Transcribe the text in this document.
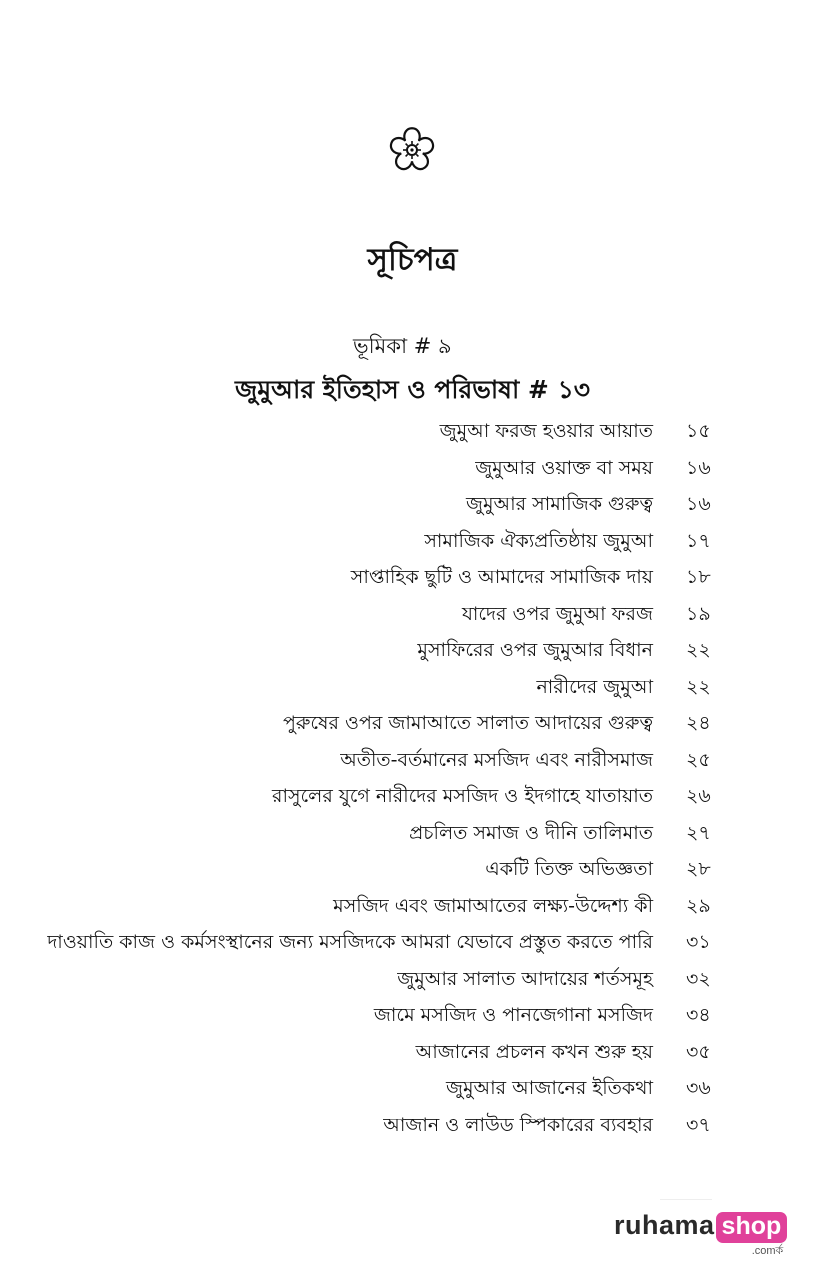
সূচিপত্র
ভূমিকা # ৯
জুমুআর ইতিহাস ও পরিভাষা # ১৩
জুমুআ ফরজ হওয়ার আয়াত ১৫
জুমুআর ওয়াক্ত বা সময় ১৬
জুমুআর সামাজিক গুরুত্ব ১৬
সামাজিক ঐক্যপ্রতিষ্ঠায় জুমুআ ১৭
সাপ্তাহিক ছুটি ও আমাদের সামাজিক দায় ১৮
যাদের ওপর জুমুআ ফরজ ১৯
মুসাফিরের ওপর জুমুআর বিধান ২২
নারীদের জুমুআ ২২
পুরুষের ওপর জামাআতে সালাত আদায়ের গুরুত্ব ২৪
অতীত-বর্তমানের মসজিদ এবং নারীসমাজ ২৫
রাসুলের যুগে নারীদের মসজিদ ও ইদগাহে যাতায়াত ২৬
প্রচলিত সমাজ ও দীনি তালিমাত ২৭
একটি তিক্ত অভিজ্ঞতা ২৮
মসজিদ এবং জামাআতের লক্ষ্য-উদ্দেশ্য কী ২৯
দাওয়াতি কাজ ও কর্মসংস্থানের জন্য মসজিদকে আমরা যেভাবে প্রস্তুত করতে পারি ৩১
জুমুআর সালাত আদায়ের শর্তসমূহ ৩২
জামে মসজিদ ও পানজেগানা মসজিদ ৩৪
আজানের প্রচলন কখন শুরু হয় ৩৫
জুমুআর আজানের ইতিকথা ৩৬
আজান ও লাউড স্পিকারের ব্যবহার ৩৭
ruhama shop
.comর্ক
